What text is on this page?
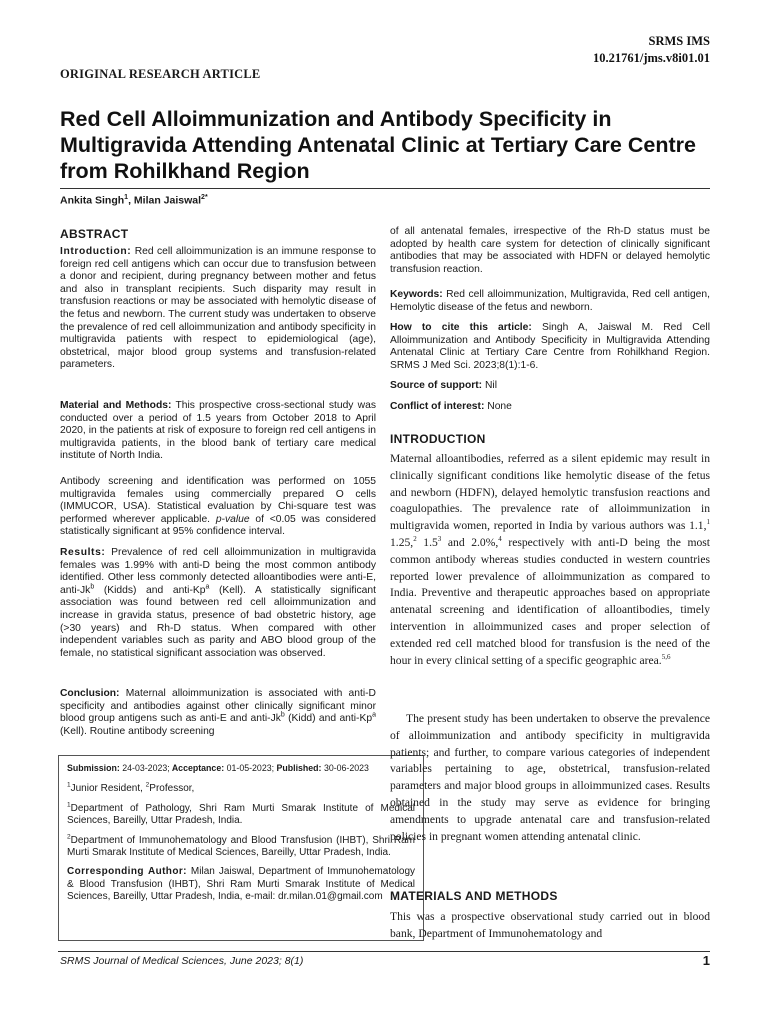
SRMS IMS
10.21761/jms.v8i01.01
ORIGINAL RESEARCH ARTICLE
Red Cell Alloimmunization and Antibody Specificity in Multigravida Attending Antenatal Clinic at Tertiary Care Centre from Rohilkhand Region
Ankita Singh$^1$, Milan Jaiswal$^{2*}$
ABSTRACT

Introduction: Red cell alloimmunization is an immune response to foreign red cell antigens which can occur due to transfusion between a donor and recipient, during pregnancy between mother and fetus and also in transplant recipients. Such disparity may result in transfusion reactions or may be associated with hemolytic disease of the fetus and newborn. The current study was undertaken to observe the prevalence of red cell alloimmunization and antibody specificity in multigravida patients with respect to epidemiological (age), obstetrical, major blood group systems and transfusion-related parameters.

Material and Methods: This prospective cross-sectional study was conducted over a period of 1.5 years from October 2018 to April 2020, in the patients at risk of exposure to foreign red cell antigens in multigravida patients, in the blood bank of tertiary care medical institute of North India.

Antibody screening and identification was performed on 1055 multigravida females using commercially prepared O cells (IMMUCOR, USA). Statistical evaluation by Chi-square test was performed wherever applicable. p-value of <0.05 was considered statistically significant at 95% confidence interval.

Results: Prevalence of red cell alloimmunization in multigravida females was 1.99% with anti-D being the most common antibody identified. Other less commonly detected alloantibodies were anti-E, anti-Jk$^b$ (Kidds) and anti-Kp$^a$ (Kell). A statistically significant association was found between red cell alloimmunization and increase in gravida status, presence of bad obstetric history, age (>30 years) and Rh-D status. When compared with other independent variables such as parity and ABO blood group of the female, no statistical significant association was observed.

Conclusion: Maternal alloimmunization is associated with anti-D specificity and antibodies against other clinically significant minor blood group antigens such as anti-E and anti-Jk$^b$ (Kidd) and anti-Kp$^a$ (Kell). Routine antibody screening

Submission: 24-03-2023; Acceptance: 01-05-2023; Published: 30-06-2023

$^1$Junior Resident, $^2$Professor,

$^1$Department of Pathology, Shri Ram Murti Smarak Institute of Medical Sciences, Bareilly, Uttar Pradesh, India.

$^2$Department of Immunohematology and Blood Transfusion (IHBT), Shri Ram Murti Smarak Institute of Medical Sciences, Bareilly, Uttar Pradesh, India.

Corresponding Author: Milan Jaiswal, Department of Immunohematology & Blood Transfusion (IHBT), Shri Ram Murti Smarak Institute of Medical Sciences, Bareilly, Uttar Pradesh, India, e-mail: dr.milan.01@gmail.com

of all antenatal females, irrespective of the Rh-D status must be adopted by health care system for detection of clinically significant antibodies that may be associated with HDFN or delayed hemolytic transfusion reaction.

Keywords: Red cell alloimmunization, Multigravida, Red cell antigen, Hemolytic disease of the fetus and newborn.

How to cite this article: Singh A, Jaiswal M. Red Cell Alloimmunization and Antibody Specificity in Multigravida Attending Antenatal Clinic at Tertiary Care Centre from Rohilkhand Region. SRMS J Med Sci. 2023;8(1):1-6.

Source of support: Nil

Conflict of interest: None

INTRODUCTION

Maternal alloantibodies, referred as a silent epidemic may result in clinically significant conditions like hemolytic disease of the fetus and newborn (HDFN), delayed hemolytic transfusion reactions and coagulopathies. The prevalence rate of alloimmunization in multigravida women, reported in India by various authors was 1.1,$^1$ 1.25,$^2$ $1.5^3$ and 2.0%,$^4$ respectively with anti-D being the most common antibody whereas studies conducted in western countries reported lower prevalence of alloimmunization as compared to India. Preventive and therapeutic approaches based on appropriate antenatal screening and identification of alloantibodies, timely intervention in alloimmunized cases and proper selection of extended red cell matched blood for transfusion is the need of the hour in every clinical setting of a specific geographic area.$^{5,6}$

The present study has been undertaken to observe the prevalence of alloimmunization and antibody specificity in multigravida patients; and further, to compare various categories of independent variables pertaining to age, obstetrical, transfusion-related parameters and major blood groups in alloimmunized cases. Results obtained in the study may serve as evidence for bringing amendments to upgrade antenatal care and transfusion-related policies in pregnant women attending antenatal clinic.

MATERIALS AND METHODS

This was a prospective observational study carried out in blood bank, Department of Immunohematology and

SRMS Journal of Medical Sciences, June 2023; 8(1)	1
